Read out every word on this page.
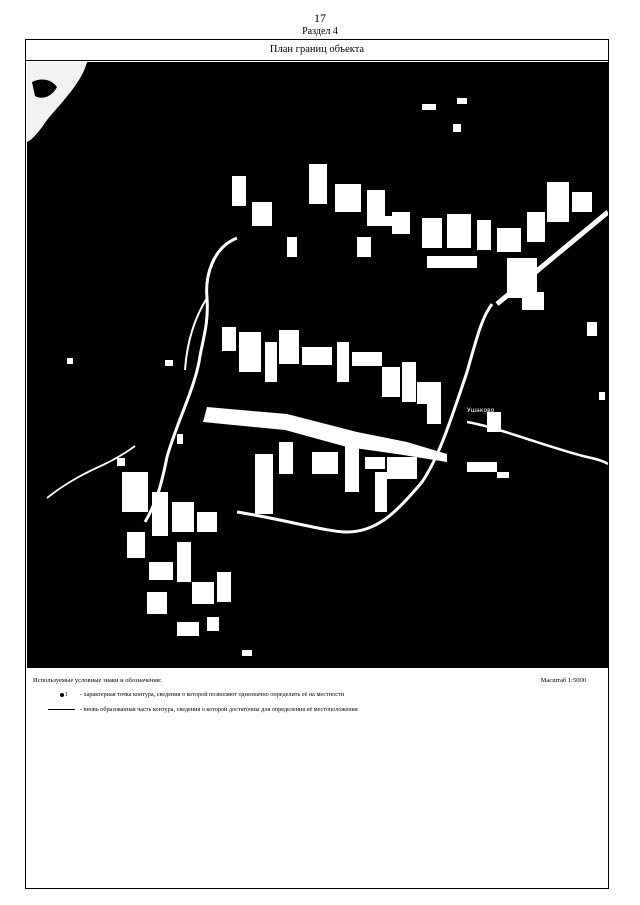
17
Раздел 4
План границ объекта
Ушаково
Используемые условные знаки и обозначения:	Масштаб 1:5000
1 - характерная точка контура, сведения о которой позволяют однозначно определить её на местности
- вновь образованная часть контура, сведения о которой достаточны для определения её местоположения
